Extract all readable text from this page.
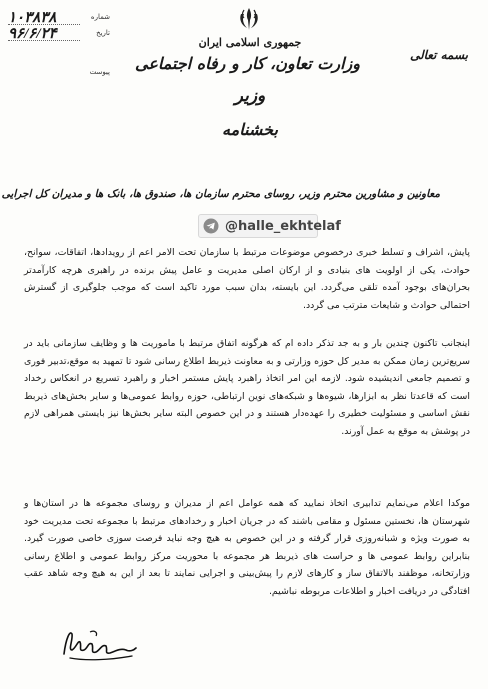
جمهوری اسلامی ایران
وزارت تعاون، کار و رفاه اجتماعی
وزیر
بخشنامه
بسمه تعالی
۱۰۳۸۳۸	شماره
۹۶/۶/۲۴	تاریخ
پیوست
معاونین و مشاورین محترم وزیر، روسای محترم سازمان ها، صندوق ها، بانک ها و مدیران کل اجرایی
@halle_ekhtelaf

پایش، اشراف و تسلط خبری درخصوص موضوعات مرتبط با سازمان تحت الامر اعم از رویدادها، اتفاقات، سوانح، حوادث، یکی از اولویت های بنیادی و از ارکان اصلی مدیریت و عامل پیش برنده در راهبری هرچه کارآمدتر بحران‌های بوجود آمده تلقی می‌گردد. این بایسته، بدان سبب مورد تاکید است که موجب جلوگیری از گسترش احتمالی حوادث و شایعات مترتب می گردد.

اینجانب تاکنون چندین بار و به جد تذکر داده ام که هرگونه اتفاق مرتبط با ماموریت ها و وظایف سازمانی باید در سریع‌ترین زمان ممکن به مدیر کل حوزه وزارتی و به معاونت ذیربط اطلاع رسانی شود تا تمهید به موقع،تدبیر فوری و تصمیم جامعی اندیشیده شود. لازمه این امر اتخاذ راهبرد پایش مستمر اخبار و راهبرد تسریع در انعکاس رخداد است که قاعدتا نظر به ابزارها، شیوه‌ها و شبکه‌های نوین ارتباطی، حوزه روابط عمومی‌ها و سایر بخش‌های ذیربط نقش اساسی و مسئولیت خطیری را عهده‌دار هستند و در این خصوص البته سایر بخش‌ها نیز بایستی همراهی لازم در پوشش به موقع به عمل آورند.

موکدا اعلام می‌نمایم تدابیری اتخاذ نمایید که همه عوامل اعم از مدیران و روسای مجموعه ها در استان‌ها و شهرستان ها، نخستین مسئول و مقامی باشند که در جریان اخبار و رخدادهای مرتبط با مجموعه تحت مدیریت خود به صورت ویژه و شبانه‌روزی قرار گرفته و در این خصوص به هیچ وجه نباید فرصت سوزی خاصی صورت گیرد. بنابراین روابط عمومی ها و حراست های ذیربط هر مجموعه با محوریت مرکز روابط عمومی و اطلاع رسانی وزارتخانه، موظفند بالاتفاق ساز و کارهای لازم را پیش‌بینی و اجرایی نمایند تا بعد از این به هیچ وجه شاهد عقب افتادگی در دریافت اخبار و اطلاعات مربوطه نباشیم.
